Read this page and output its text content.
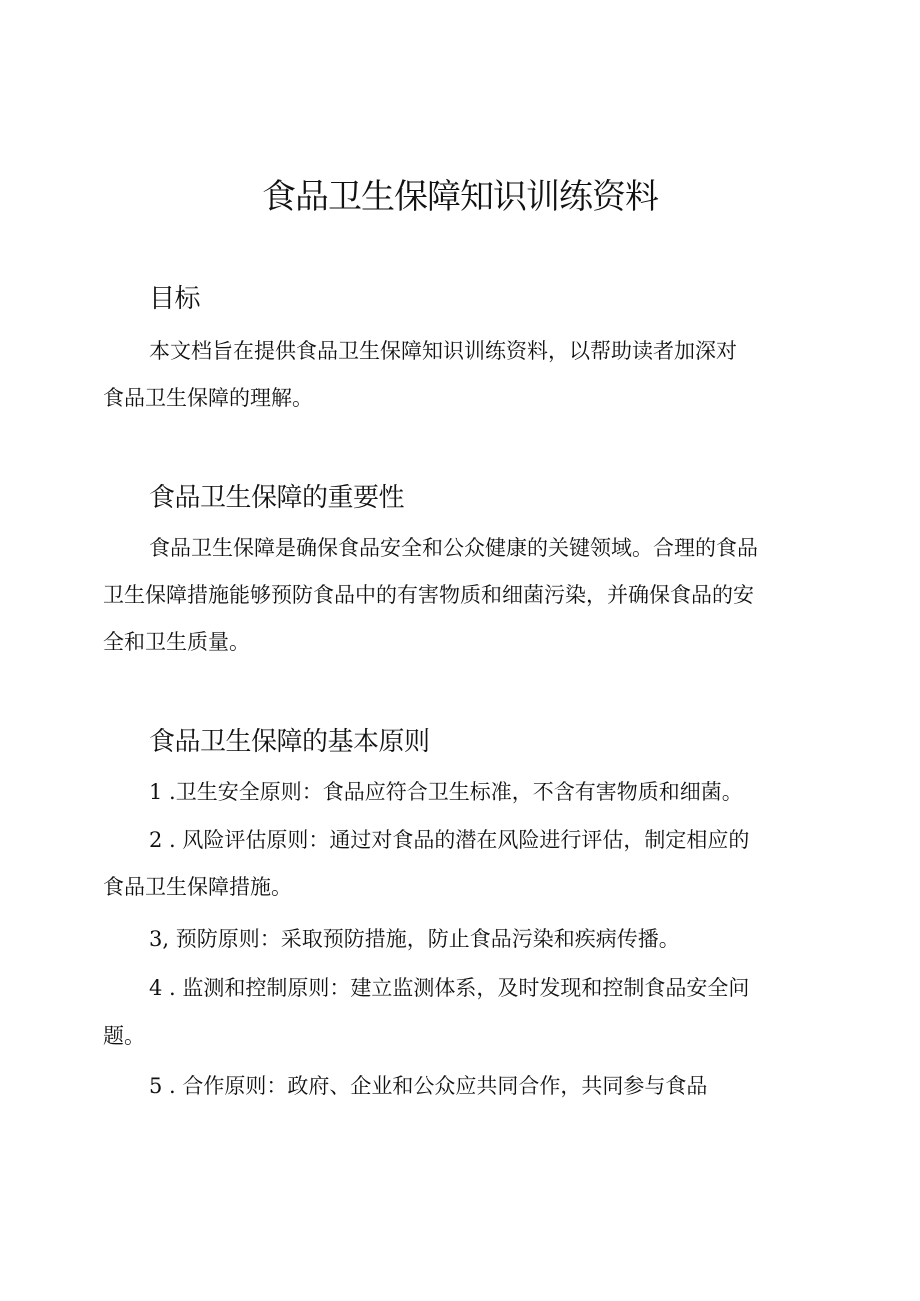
食品卫生保障知识训练资料
目标
本文档旨在提供食品卫生保障知识训练资料，以帮助读者加深对
食品卫生保障的理解。
食品卫生保障的重要性
食品卫生保障是确保食品安全和公众健康的关键领域。合理的食品
卫生保障措施能够预防食品中的有害物质和细菌污染，并确保食品的安
全和卫生质量。
食品卫生保障的基本原则
1 .卫生安全原则：食品应符合卫生标准，不含有害物质和细菌。
2 . 风险评估原则：通过对食品的潜在风险进行评估，制定相应的
食品卫生保障措施。
3, 预防原则：采取预防措施，防止食品污染和疾病传播。
4 . 监测和控制原则：建立监测体系，及时发现和控制食品安全问
题。
5 . 合作原则：政府、企业和公众应共同合作，共同参与食品
